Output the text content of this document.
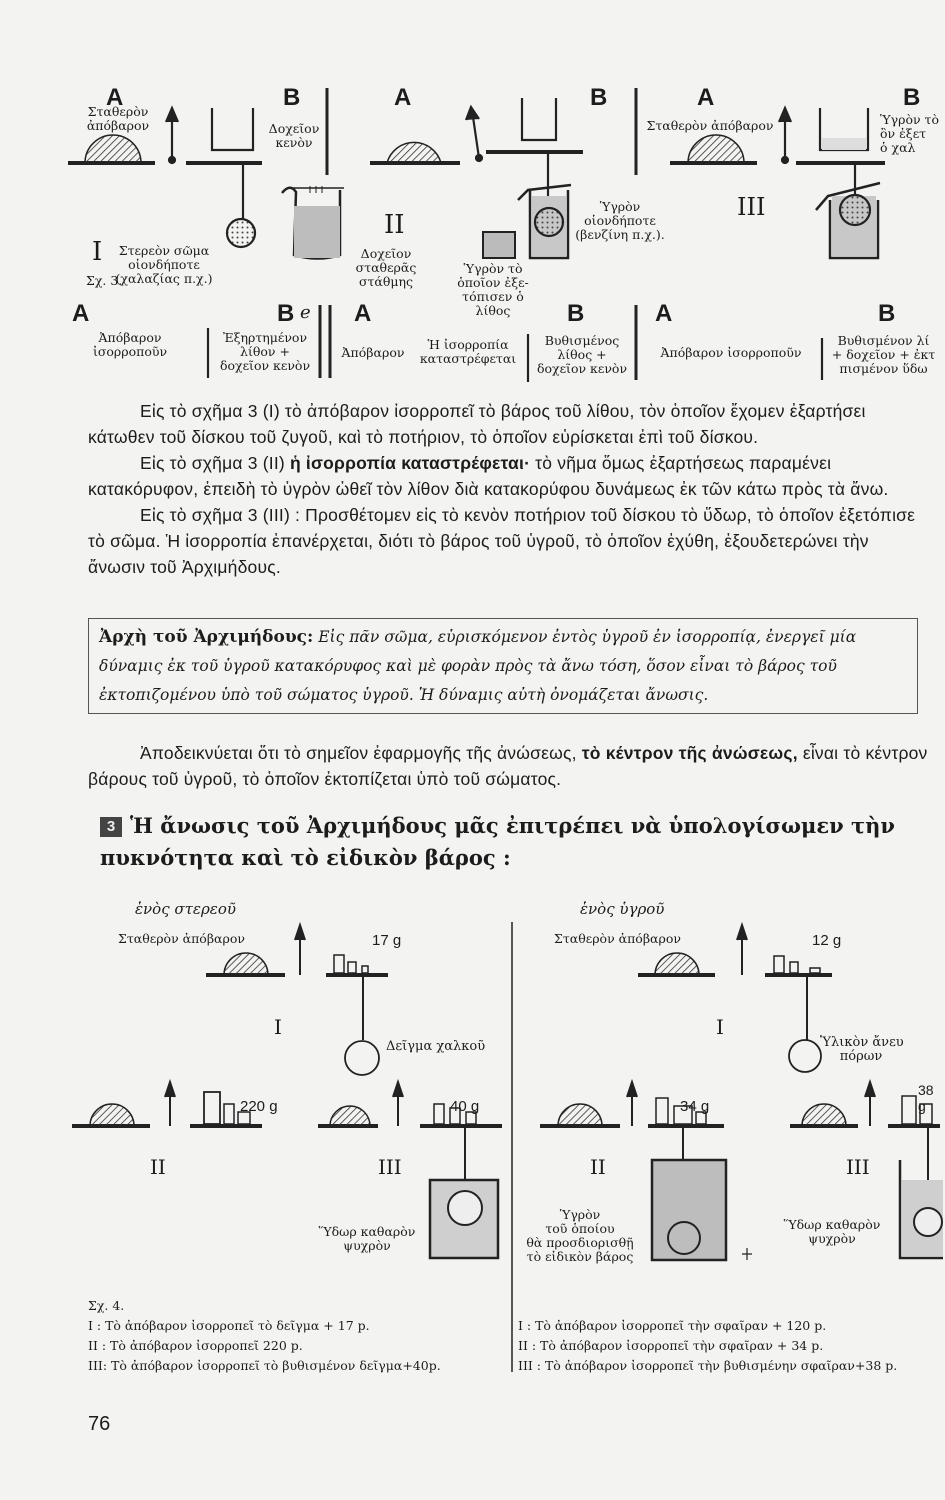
A	B
Σταθερὸν
ἀπόβαρον	Δοχεῖον
κενὸν
I	Στερεὸν σῶμα
οἱονδήποτε
(χαλαζίας π.χ.)
Σχ. 3.
A	B
II
Δοχεῖον
σταθερᾶς
στάθμης
Ὑγρὸν τὸ
ὁποῖον ἐξε-
τόπισεν ὁ
λίθος
Ὑγρὸν
οἱονδήποτε
(βενζίνη π.χ.).
A	B
Σταθερὸν ἀπόβαρον	Ὑγρὸν τὸ
ὂν ἐξετ
ὁ χαλ
III
A	B e
Ἀπόβαρον
ἰσορροποῦν
Ἐξηρτημένον
λίθον +
δοχεῖον κενὸν
A	B
Ἀπόβαρον
Ἡ ἰσορροπία
καταστρέφεται
Βυθισμένος
λίθος +
δοχεῖον κενὸν
A	B
Ἀπόβαρον ἰσορροποῦν
Βυθισμένον λί
+ δοχεῖον + ἐκτ
πισμένον ὕδω

Εἰς τὸ σχῆμα 3 (I) τὸ ἀπόβαρον ἰσορροπεῖ τὸ βάρος τοῦ λίθου, τὸν ὁποῖον ἔχομεν ἐξαρτήσει κάτωθεν τοῦ δίσκου τοῦ ζυγοῦ, καὶ τὸ ποτήριον, τὸ ὁποῖον εὑρίσκεται ἐπὶ τοῦ δίσκου.

Εἰς τὸ σχῆμα 3 (II) ἡ ἰσορροπία καταστρέφεται· τὸ νῆμα ὅμως ἐξαρτήσεως παραμένει κατακόρυφον, ἐπειδὴ τὸ ὑγρὸν ὠθεῖ τὸν λίθον διὰ κατακορύφου δυνάμεως ἐκ τῶν κάτω πρὸς τὰ ἄνω.

Εἰς τὸ σχῆμα 3 (III) : Προσθέτομεν εἰς τὸ κενὸν ποτήριον τοῦ δίσκου τὸ ὕδωρ, τὸ ὁποῖον ἐξετόπισε τὸ σῶμα. Ἡ ἰσορροπία ἐπανέρχεται, διότι τὸ βάρος τοῦ ὑγροῦ, τὸ ὁποῖον ἐχύθη, ἐξουδετερώνει τὴν ἄνωσιν τοῦ Ἀρχιμήδους.

Ἀρχὴ τοῦ Ἀρχιμήδους: Εἰς πᾶν σῶμα, εὑρισκόμενον ἐντὸς ὑγροῦ ἐν ἰσορροπίᾳ, ἐνεργεῖ μία δύναμις ἐκ τοῦ ὑγροῦ κατακόρυφος καὶ μὲ φορὰν πρὸς τὰ ἄνω τόση, ὅσον εἶναι τὸ βάρος τοῦ ἐκτοπιζομένου ὑπὸ τοῦ σώματος ὑγροῦ. Ἡ δύναμις αὐτὴ ὀνομάζεται ἄνωσις.

Ἀποδεικνύεται ὅτι τὸ σημεῖον ἐφαρμογῆς τῆς ἀνώσεως, τὸ κέντρον τῆς ἀνώσεως, εἶναι τὸ κέντρον βάρους τοῦ ὑγροῦ, τὸ ὁποῖον ἐκτοπίζεται ὑπὸ τοῦ σώματος.

3 Ἡ ἄνωσις τοῦ Ἀρχιμήδους μᾶς ἐπιτρέπει νὰ ὑπολογίσωμεν τὴν πυκνότητα καὶ τὸ εἰδικὸν βάρος :
ἑνὸς στερεοῦ
Σταθερὸν ἀπόβαρον	17 g
I
Δεῖγμα χαλκοῦ
220 g	40 g
II	III
Ὕδωρ καθαρὸν
ψυχρὸν
ἑνὸς ὑγροῦ
Σταθερὸν ἀπόβαρον	12 g
I
Ὑλικὸν ἄνευ
πόρων
34 g
38 g
II	III
Ὑγρὸν
τοῦ ὁποίου
θὰ προσδιορισθῇ
τὸ εἰδικὸν βάρος
Ὕδωρ καθαρὸν
ψυχρὸν
Σχ. 4.
I : Τὸ ἀπόβαρον ἰσορροπεῖ τὸ δεῖγμα + 17 p.
II : Τὸ ἀπόβαρον ἰσορροπεῖ 220 p.
III: Τὸ ἀπόβαρον ἰσορροπεῖ τὸ βυθισμένον δεῖγμα+40p.
I : Τὸ ἀπόβαρον ἰσορροπεῖ τὴν σφαῖραν + 120 p.
II : Τὸ ἀπόβαρον ἰσορροπεῖ τὴν σφαῖραν + 34 p.
III : Τὸ ἀπόβαρον ἰσορροπεῖ τὴν βυθισμένην σφαῖραν+38 p.
76
